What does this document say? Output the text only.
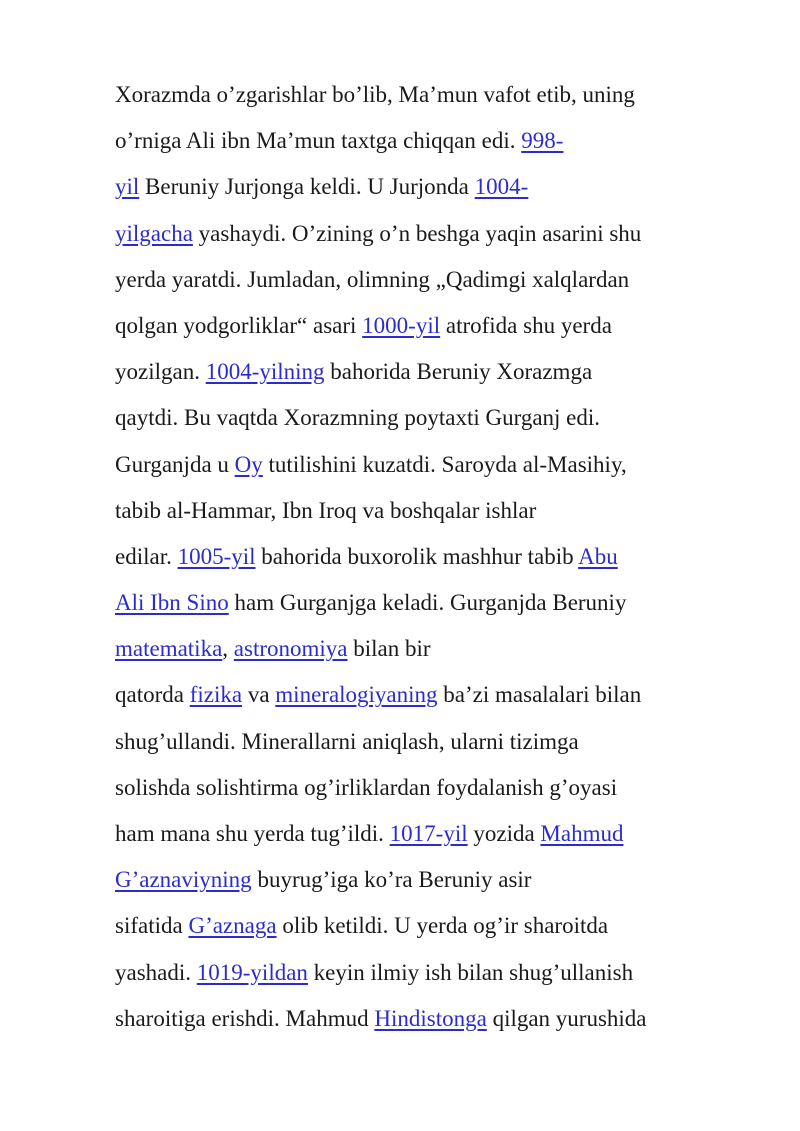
Xorazmda o’zgarishlar bo’lib, Ma’mun vafot etib, uning
o’rniga Ali ibn Ma’mun taxtga chiqqan edi. 998-
yil Beruniy Jurjonga keldi. U Jurjonda 1004-
yilgacha yashaydi. O’zining o’n beshga yaqin asarini shu
yerda yaratdi. Jumladan, olimning „Qadimgi xalqlardan
qolgan yodgorliklar“ asari 1000-yil atrofida shu yerda
yozilgan. 1004-yilning bahorida Beruniy Xorazmga
qaytdi. Bu vaqtda Xorazmning poytaxti Gurganj edi.
Gurganjda u Oy tutilishini kuzatdi. Saroyda al-Masihiy,
tabib al-Hammar, Ibn Iroq va boshqalar ishlar
edilar. 1005-yil bahorida buxorolik mashhur tabib Abu
Ali Ibn Sino ham Gurganjga keladi. Gurganjda Beruniy
matematika, astronomiya bilan bir
qatorda fizika va mineralogiyaning ba’zi masalalari bilan
shug’ullandi. Minerallarni aniqlash, ularni tizimga
solishda solishtirma og’irliklardan foydalanish g’oyasi
ham mana shu yerda tug’ildi. 1017-yil yozida Mahmud
G’aznaviyning buyrug’iga ko’ra Beruniy asir
sifatida G’aznaga olib ketildi. U yerda og’ir sharoitda
yashadi. 1019-yildan keyin ilmiy ish bilan shug’ullanish
sharoitiga erishdi. Mahmud Hindistonga qilgan yurushida
